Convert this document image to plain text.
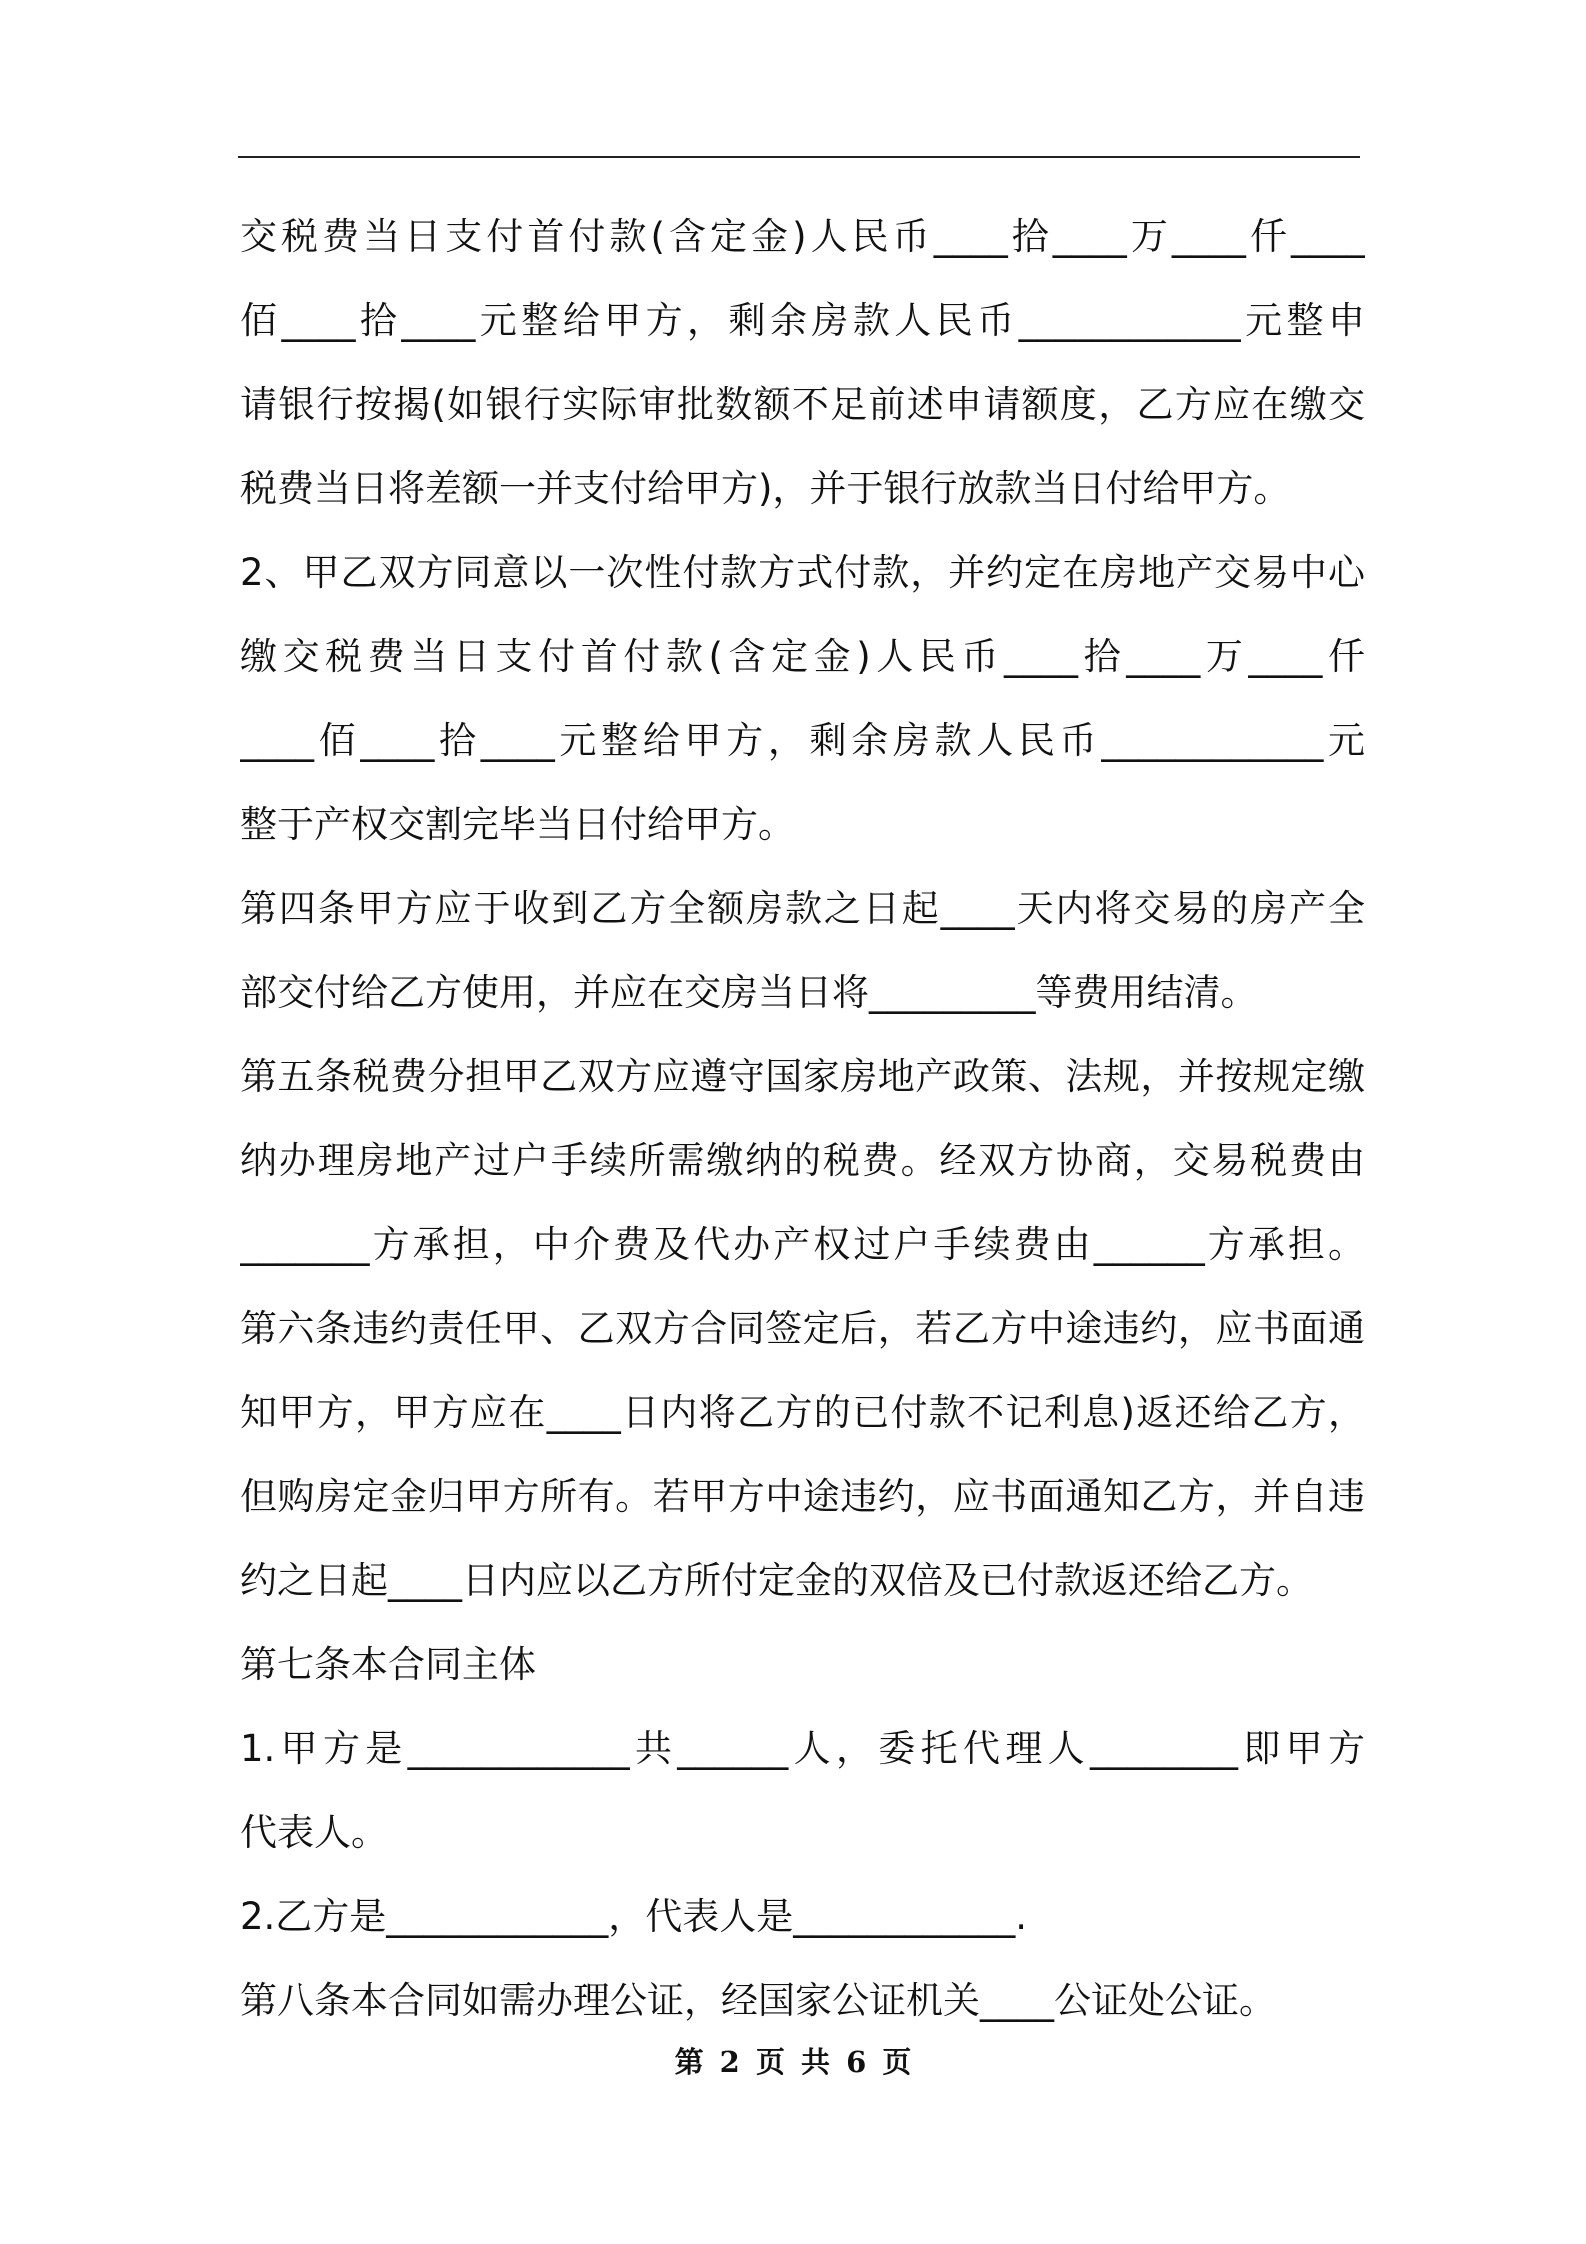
交税费当日支付首付款(含定金)人民币____拾____万____仟____
佰____拾____元整给甲方，剩余房款人民币____________元整申
请银行按揭(如银行实际审批数额不足前述申请额度，乙方应在缴交
税费当日将差额一并支付给甲方)，并于银行放款当日付给甲方。
2、甲乙双方同意以一次性付款方式付款，并约定在房地产交易中心
缴交税费当日支付首付款(含定金)人民币____拾____万____仟
____佰____拾____元整给甲方，剩余房款人民币____________元
整于产权交割完毕当日付给甲方。
第四条甲方应于收到乙方全额房款之日起____天内将交易的房产全
部交付给乙方使用，并应在交房当日将_________等费用结清。
第五条税费分担甲乙双方应遵守国家房地产政策、法规，并按规定缴
纳办理房地产过户手续所需缴纳的税费。经双方协商，交易税费由
_______方承担，中介费及代办产权过户手续费由______方承担。
第六条违约责任甲、乙双方合同签定后，若乙方中途违约，应书面通
知甲方，甲方应在____日内将乙方的已付款不记利息)返还给乙方，
但购房定金归甲方所有。若甲方中途违约，应书面通知乙方，并自违
约之日起____日内应以乙方所付定金的双倍及已付款返还给乙方。
第七条本合同主体
1.甲方是____________共______人，委托代理人________即甲方
代表人。
2.乙方是____________，代表人是____________.
第八条本合同如需办理公证，经国家公证机关____公证处公证。
第 2 页 共 6 页
